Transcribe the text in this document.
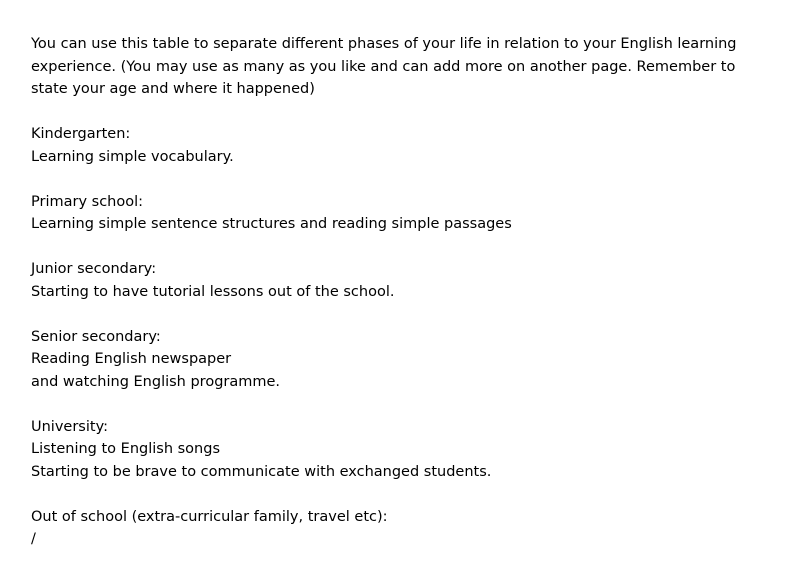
You can use this table to separate different phases of your life in relation to your English learning
experience. (You may use as many as you like and can add more on another page. Remember to
state your age and where it happened)
Kindergarten:
Learning simple vocabulary.
Primary school:
Learning simple sentence structures and reading simple passages
Junior secondary:
Starting to have tutorial lessons out of the school.
Senior secondary:
Reading English newspaper
and watching English programme.
University:
Listening to English songs
Starting to be brave to communicate with exchanged students.
Out of school (extra-curricular family, travel etc):
/
